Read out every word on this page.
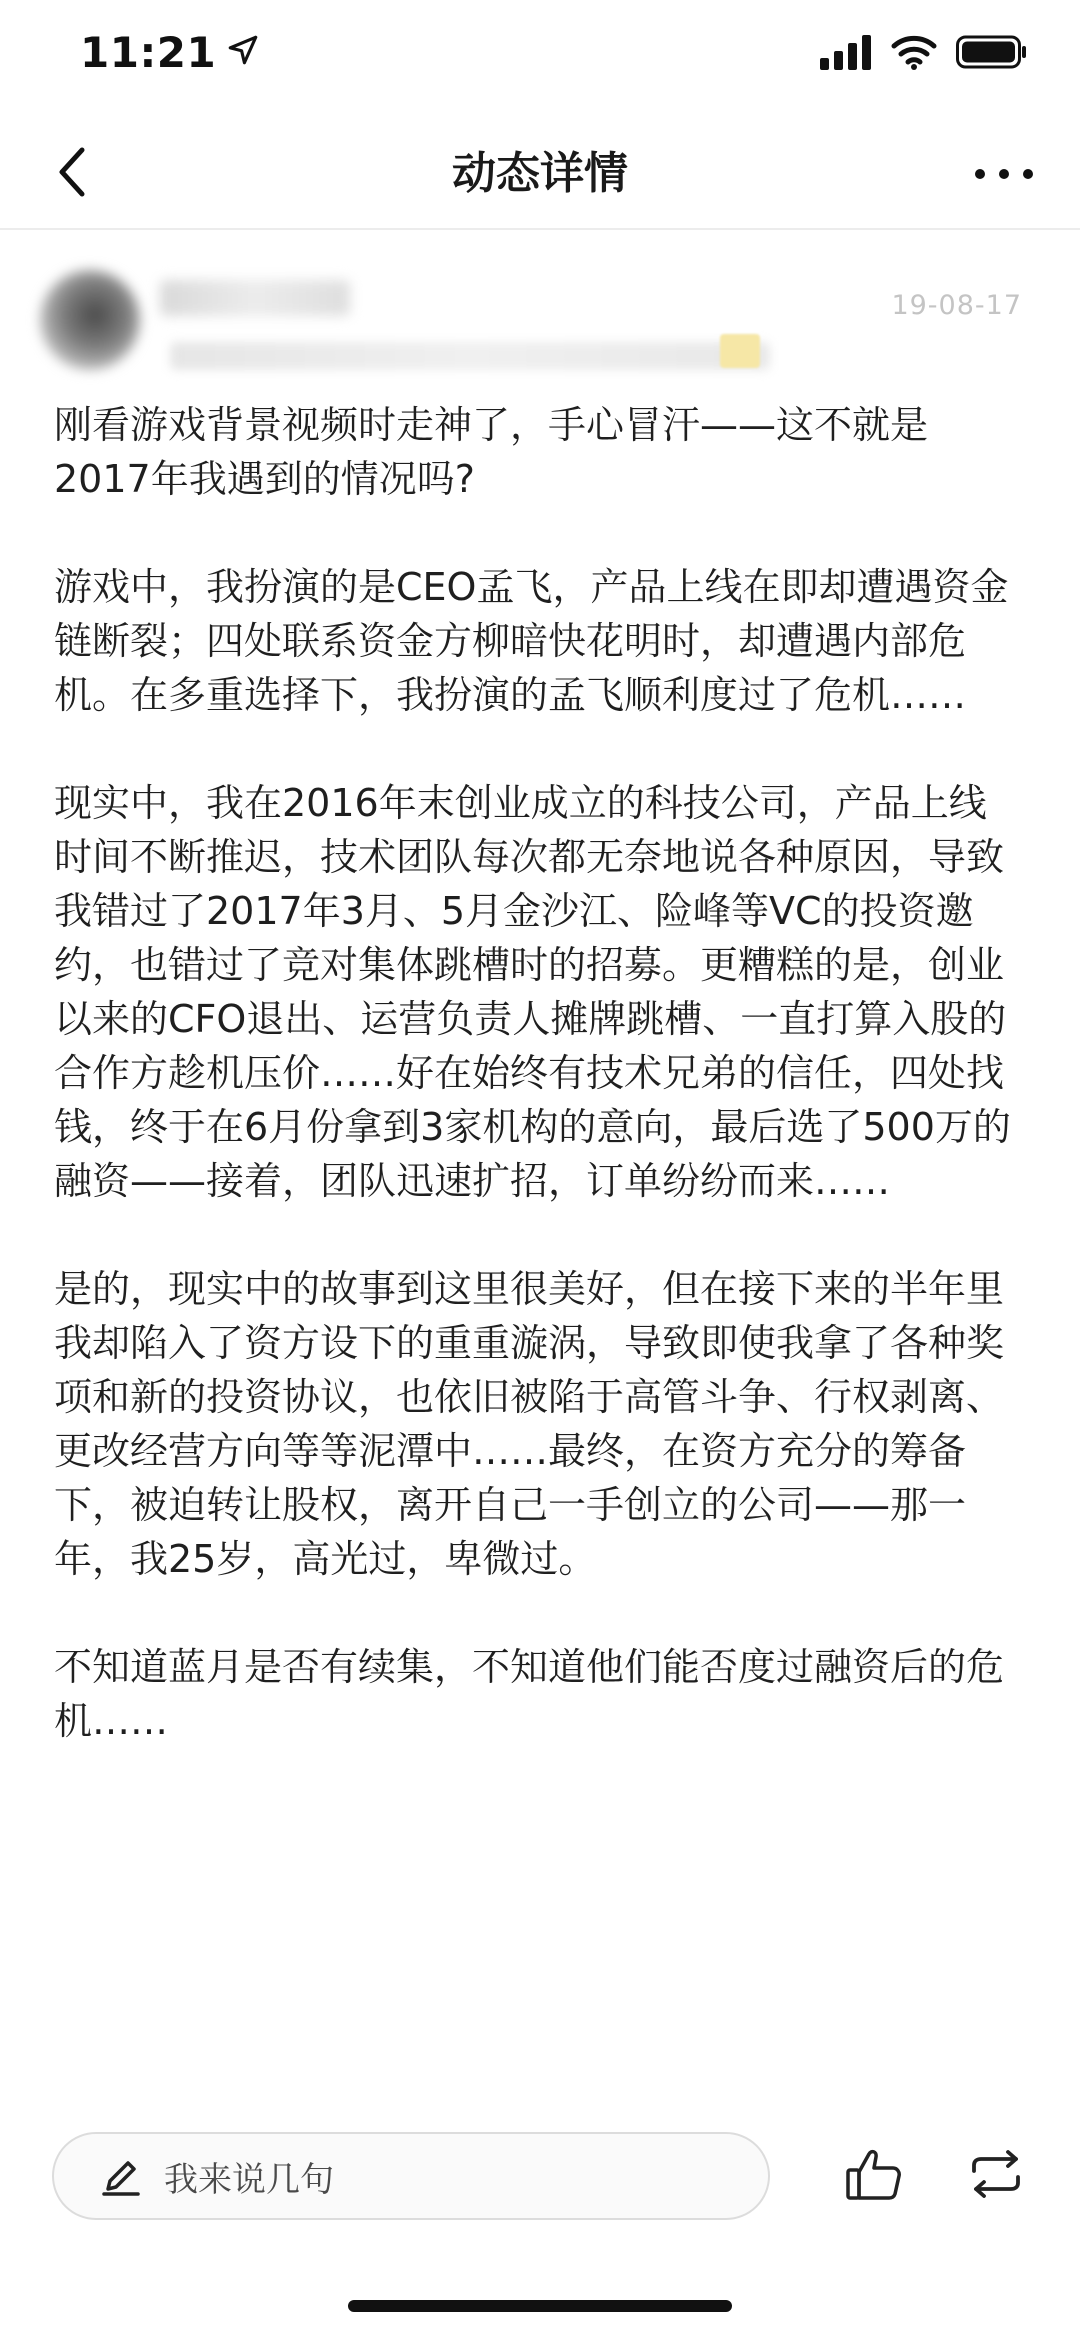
11:21
动态详情
19-08-17

刚看游戏背景视频时走神了，手心冒汗——这不就是2017年我遇到的情况吗?

游戏中，我扮演的是CEO孟飞，产品上线在即却遭遇资金链断裂；四处联系资金方柳暗快花明时，却遭遇内部危机。在多重选择下，我扮演的孟飞顺利度过了危机……

现实中，我在2016年末创业成立的科技公司，产品上线时间不断推迟，技术团队每次都无奈地说各种原因，导致我错过了2017年3月、5月金沙江、险峰等VC的投资邀约，也错过了竞对集体跳槽时的招募。更糟糕的是，创业以来的CFO退出、运营负责人摊牌跳槽、一直打算入股的合作方趁机压价……好在始终有技术兄弟的信任，四处找钱，终于在6月份拿到3家机构的意向，最后选了500万的融资——接着，团队迅速扩招，订单纷纷而来……

是的，现实中的故事到这里很美好，但在接下来的半年里我却陷入了资方设下的重重漩涡，导致即使我拿了各种奖项和新的投资协议，也依旧被陷于高管斗争、行权剥离、更改经营方向等等泥潭中……最终，在资方充分的筹备下，被迫转让股权，离开自己一手创立的公司——那一年，我25岁，高光过，卑微过。

不知道蓝月是否有续集，不知道他们能否度过融资后的危机……

我来说几句
